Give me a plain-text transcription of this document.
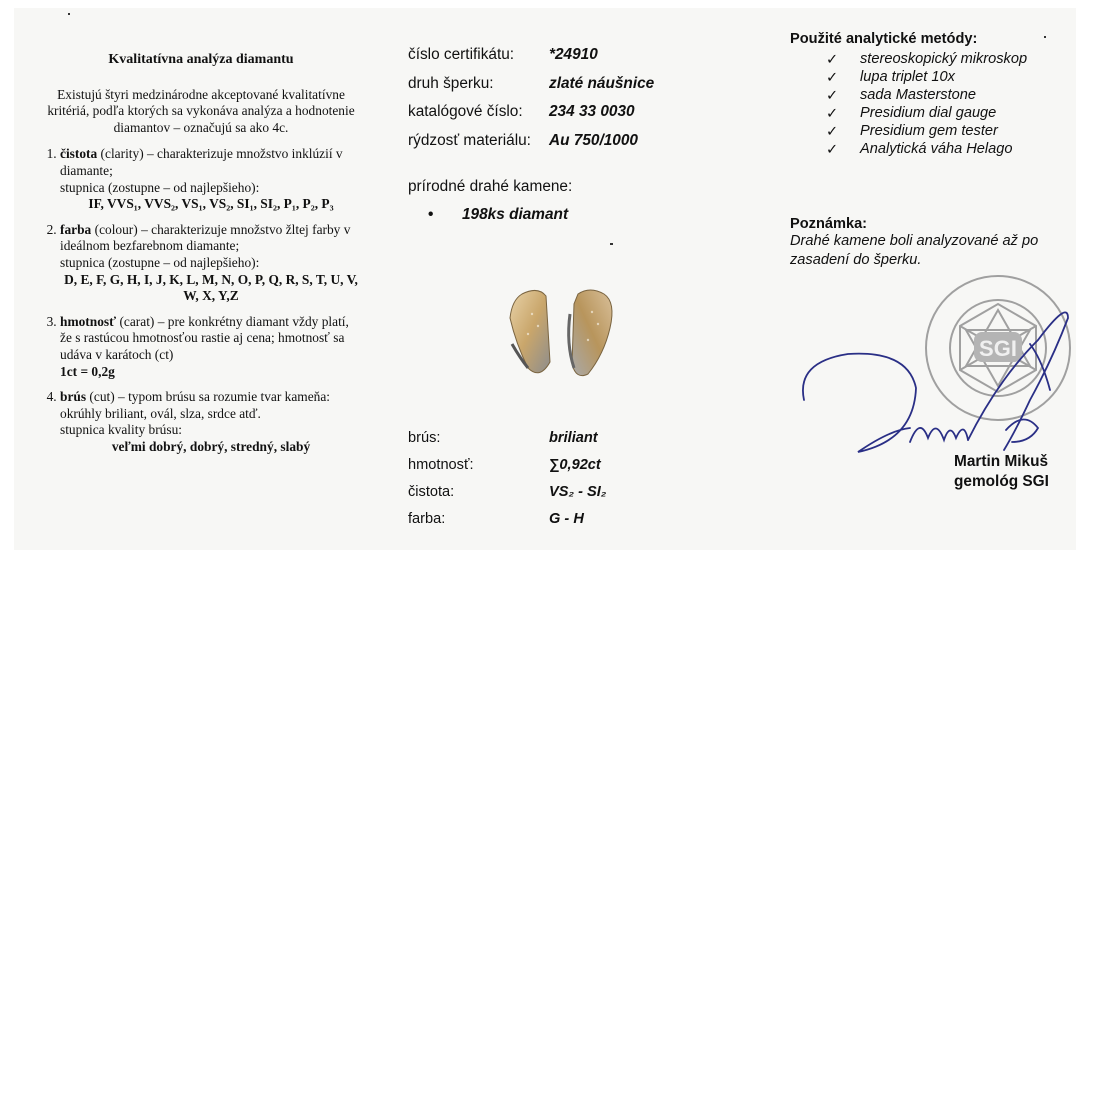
Kvalitatívna analýza diamantu
Existujú štyri medzinárodne akceptované kvalitatívne kritériá, podľa ktorých sa vykonáva analýza a hodnotenie diamantov – označujú sa ako 4c.
1. čistota (clarity) – charakterizuje množstvo inklúzií v diamante;
stupnica (zostupne – od najlepšieho):
IF, VVS₁, VVS₂, VS₁, VS₂, SI₁, SI₂, P₁, P₂, P₃
2. farba (colour) – charakterizuje množstvo žltej farby v ideálnom bezfarebnom diamante;
stupnica (zostupne – od najlepšieho):
D, E, F, G, H, I, J, K, L, M, N, O, P, Q, R, S, T, U, V, W, X, Y,Z
3. hmotnosť (carat) – pre konkrétny diamant vždy platí, že s rastúcou hmotnosťou rastie aj cena; hmotnosť sa udáva v karátoch (ct)
1ct = 0,2g
4. brús (cut) – typom brúsu sa rozumie tvar kameňa: okrúhly briliant, ovál, slza, srdce atď.
stupnica kvality brúsu:
veľmi dobrý, dobrý, stredný, slabý
číslo certifikátu: *24910
druh šperku:	zlaté náušnice
katalógové číslo: 234 33 0030
rýdzosť materiálu: Au 750/1000
prírodné drahé kamene:
• 198ks diamant
brús:	briliant
hmotnosť:	∑0,92ct
čistota:	VS₂ - SI₂
farba:	G - H
Použité analytické metódy:
✓ stereoskopický mikroskop
✓ lupa triplet 10x
✓ sada Masterstone
✓ Presidium dial gauge
✓ Presidium gem tester
✓ Analytická váha Helago
Poznámka:
Drahé kamene boli analyzované až po zasadení do šperku.
SGI
Martin Mikuš
gemológ SGI
